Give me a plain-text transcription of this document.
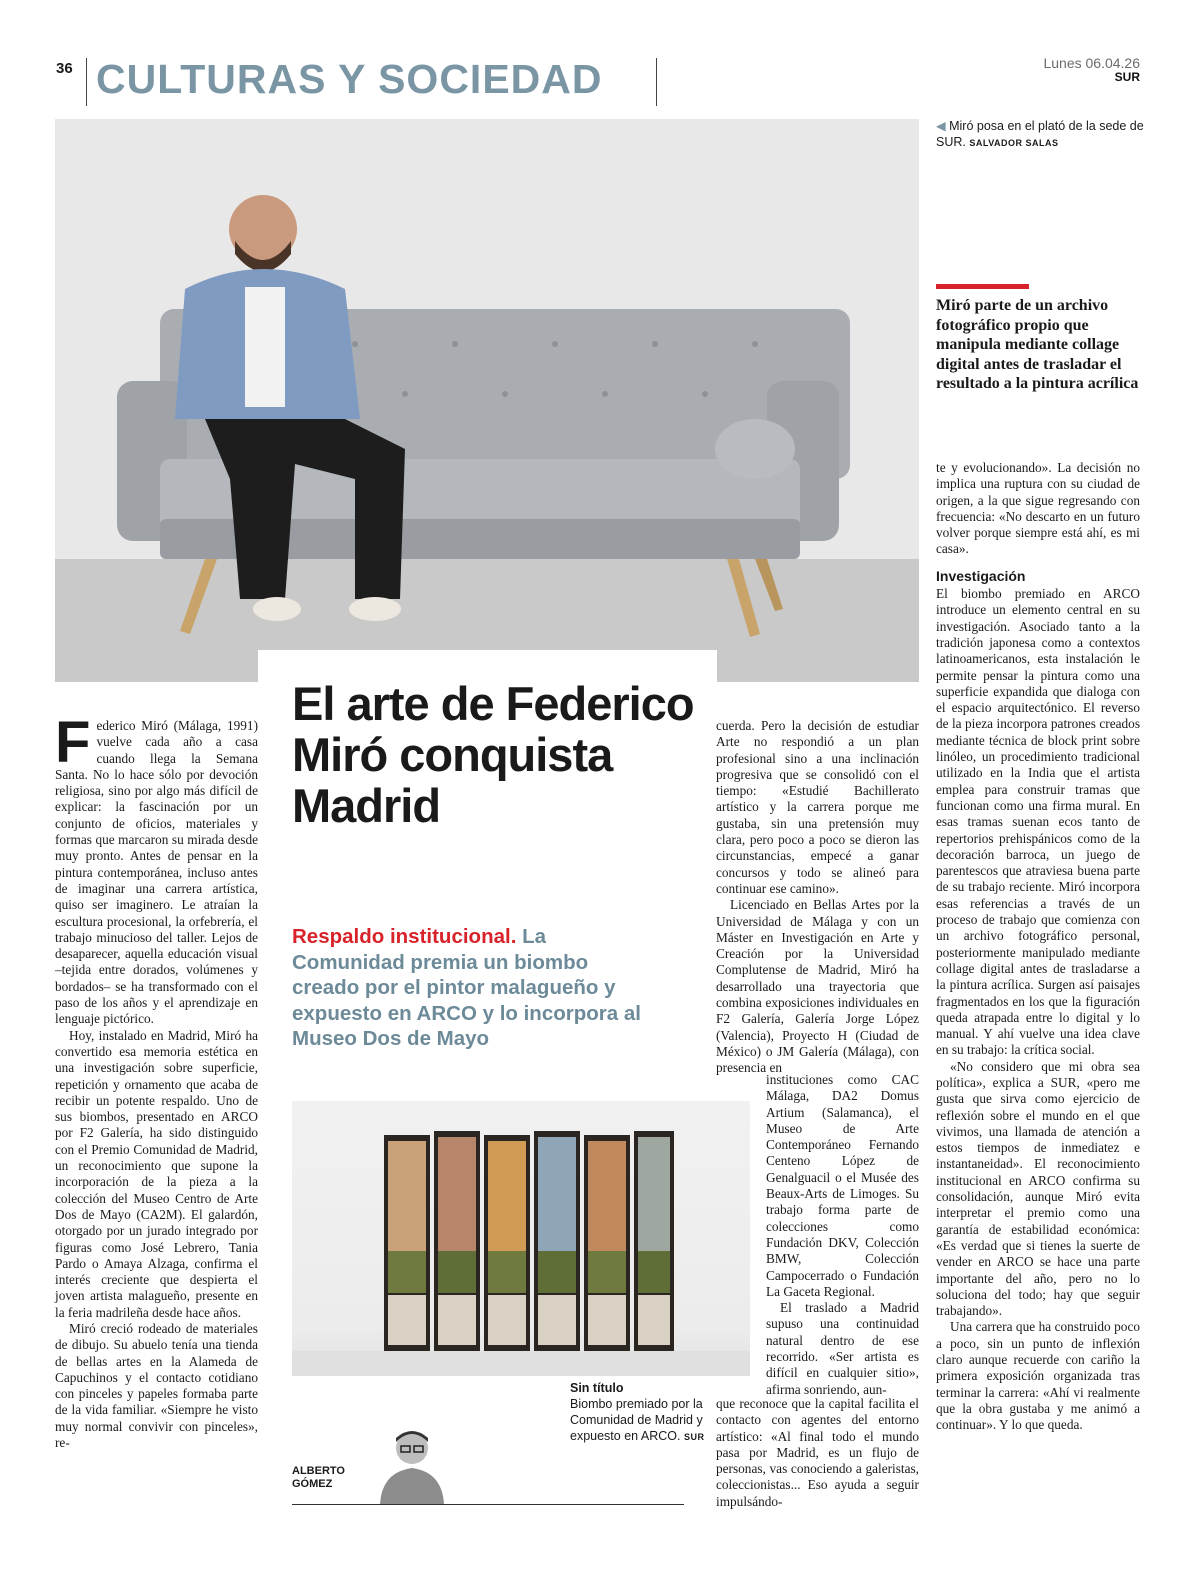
36 CULTURAS Y SOCIEDAD	Lunes 06.04.26
SUR
◀ Miró posa en el plató de la sede de SUR. SALVADOR SALAS
Miró parte de un archivo fotográfico propio que manipula mediante collage digital antes de trasladar el resultado a la pintura acrílica

te y evolucionando». La decisión no implica una ruptura con su ciudad de origen, a la que sigue regresando con frecuencia: «No descarto en un futuro volver porque siempre está ahí, es mi casa».

Investigación

El biombo premiado en ARCO introduce un elemento central en su investigación. Asociado tanto a la tradición japonesa como a contextos latinoamericanos, esta instalación le permite pensar la pintura como una superficie expandida que dialoga con el espacio arquitectónico. El reverso de la pieza incorpora patrones creados mediante técnica de block print sobre linóleo, un procedimiento tradicional utilizado en la India que el artista emplea para construir tramas que funcionan como una firma mural. En esas tramas suenan ecos tanto de repertorios prehispánicos como de la decoración barroca, un juego de parentescos que atraviesa buena parte de su trabajo reciente. Miró incorpora esas referencias a través de un proceso de trabajo que comienza con un archivo fotográfico personal, posteriormente manipulado mediante collage digital antes de trasladarse a la pintura acrílica. Surgen así paisajes fragmentados en los que la figuración queda atrapada entre lo digital y lo manual. Y ahí vuelve una idea clave en su trabajo: la crítica social.

«No considero que mi obra sea política», explica a SUR, «pero me gusta que sirva como ejercicio de reflexión sobre el mundo en el que vivimos, una llamada de atención a estos tiempos de inmediatez e instantaneidad». El reconocimiento institucional en ARCO confirma su consolidación, aunque Miró evita interpretar el premio como una garantía de estabilidad económica: «Es verdad que si tienes la suerte de vender en ARCO se hace una parte importante del año, pero no lo soluciona del todo; hay que seguir trabajando».

Una carrera que ha construido poco a poco, sin un punto de inflexión claro aunque recuerde con cariño la primera exposición organizada tras terminar la carrera: «Ahí vi realmente que la obra gustaba y me animó a continuar». Y lo que queda.

El arte de Federico Miró conquista Madrid
Respaldo institucional. La Comunidad premia un biombo creado por el pintor malagueño y expuesto en ARCO y lo incorpora al Museo Dos de Mayo

Federico Miró (Málaga, 1991) vuelve cada año a casa cuando llega la Semana Santa. No lo hace sólo por devoción religiosa, sino por algo más difícil de explicar: la fascinación por un conjunto de oficios, materiales y formas que marcaron su mirada desde muy pronto. Antes de pensar en la pintura contemporánea, incluso antes de imaginar una carrera artística, quiso ser imaginero. Le atraían la escultura procesional, la orfebrería, el trabajo minucioso del taller. Lejos de desaparecer, aquella educación visual –tejida entre dorados, volúmenes y bordados– se ha transformado con el paso de los años y el aprendizaje en lenguaje pictórico.

Hoy, instalado en Madrid, Miró ha convertido esa memoria estética en una investigación sobre superficie, repetición y ornamento que acaba de recibir un potente respaldo. Uno de sus biombos, presentado en ARCO por F2 Galería, ha sido distinguido con el Premio Comunidad de Madrid, un reconocimiento que supone la incorporación de la pieza a la colección del Museo Centro de Arte Dos de Mayo (CA2M). El galardón, otorgado por un jurado integrado por figuras como José Lebrero, Tania Pardo o Amaya Alzaga, confirma el interés creciente que despierta el joven artista malagueño, presente en la feria madrileña desde hace años.

Miró creció rodeado de materiales de dibujo. Su abuelo tenía una tienda de bellas artes en la Alameda de Capuchinos y el contacto cotidiano con pinceles y papeles formaba parte de la vida familiar. «Siempre he visto muy normal convivir con pinceles», re-

cuerda. Pero la decisión de estudiar Arte no respondió a un plan profesional sino a una inclinación progresiva que se consolidó con el tiempo: «Estudié Bachillerato artístico y la carrera porque me gustaba, sin una pretensión muy clara, pero poco a poco se dieron las circunstancias, empecé a ganar concursos y todo se alineó para continuar ese camino».

Licenciado en Bellas Artes por la Universidad de Málaga y con un Máster en Investigación en Arte y Creación por la Universidad Complutense de Madrid, Miró ha desarrollado una trayectoria que combina exposiciones individuales en F2 Galería, Galería Jorge López (Valencia), Proyecto H (Ciudad de México) o JM Galería (Málaga), con presencia en

instituciones como CAC Málaga, DA2 Domus Artium (Salamanca), el Museo de Arte Contemporáneo Fernando Centeno López de Genalguacil o el Musée des Beaux-Arts de Limoges. Su trabajo forma parte de colecciones como Fundación DKV, Colección BMW, Colección Campocerrado o Fundación La Gaceta Regional.

El traslado a Madrid supuso una continuidad natural dentro de ese recorrido. «Ser artista es difícil en cualquier sitio», afirma sonriendo, aun-

que reconoce que la capital facilita el contacto con agentes del entorno artístico: «Al final todo el mundo pasa por Madrid, es un flujo de personas, vas conociendo a galeristas, coleccionistas... Eso ayuda a seguir impulsándo-

Sin título
Biombo premiado por la Comunidad de Madrid y expuesto en ARCO. SUR
ALBERTO
GÓMEZ
